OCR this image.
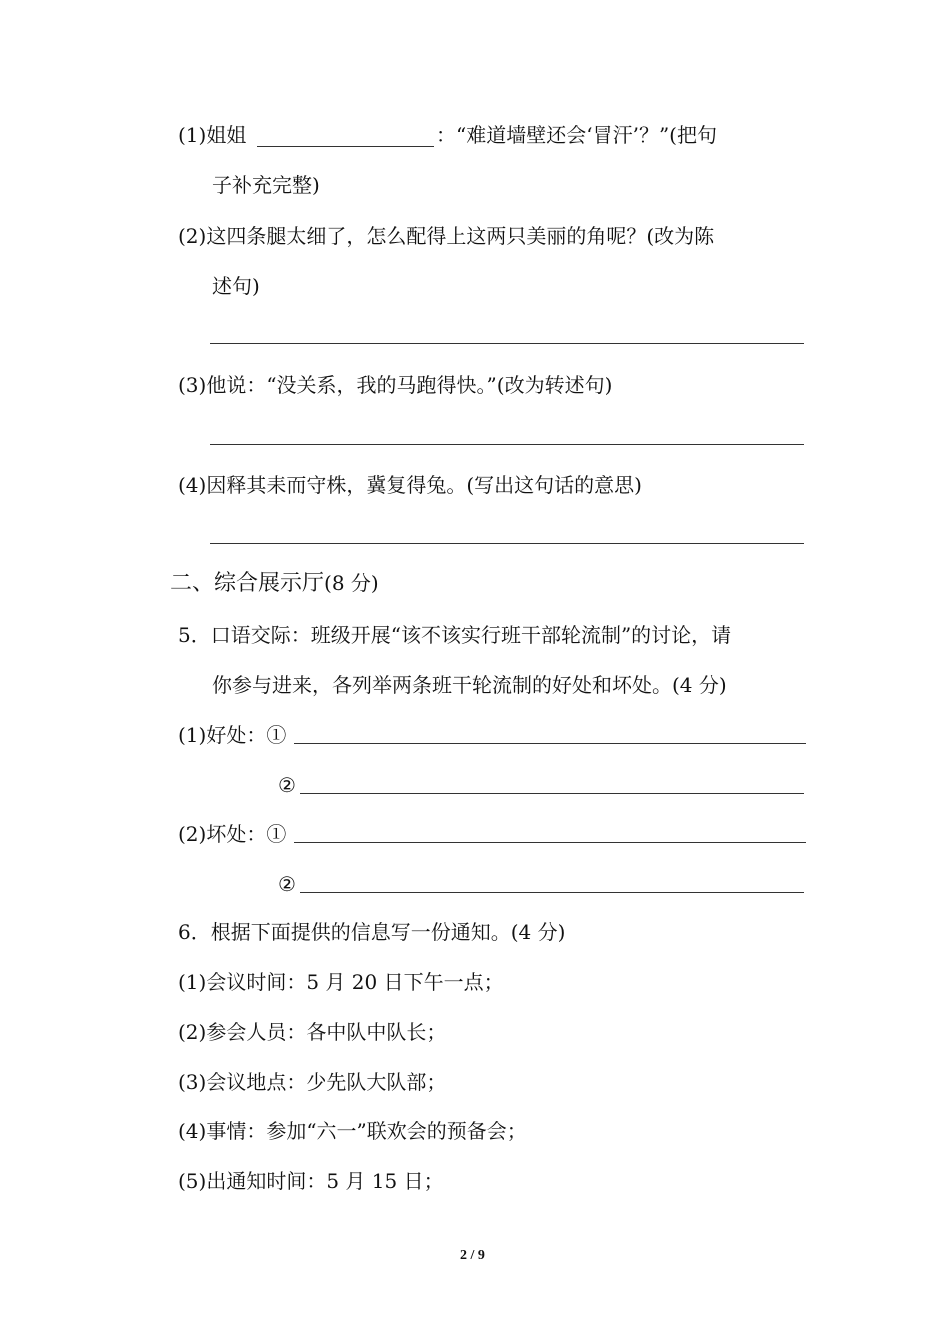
(1)姐姐	：“难道墙壁还会‘冒汗’？”(把句
子补充完整)
(2)这四条腿太细了，怎么配得上这两只美丽的角呢？(改为陈
述句)
(3)他说：“没关系，我的马跑得快。”(改为转述句)
(4)因释其耒而守株，冀复得兔。(写出这句话的意思)
二、综合展示厅(8 分)
5．口语交际：班级开展“该不该实行班干部轮流制”的讨论，请
你参与进来，各列举两条班干轮流制的好处和坏处。(4 分)
(1)好处：①
②
(2)坏处：①
②
6．根据下面提供的信息写一份通知。(4 分)
(1)会议时间：5 月 20 日下午一点；
(2)参会人员：各中队中队长；
(3)会议地点：少先队大队部；
(4)事情：参加“六一”联欢会的预备会；
(5)出通知时间：5 月 15 日；
2 / 9
